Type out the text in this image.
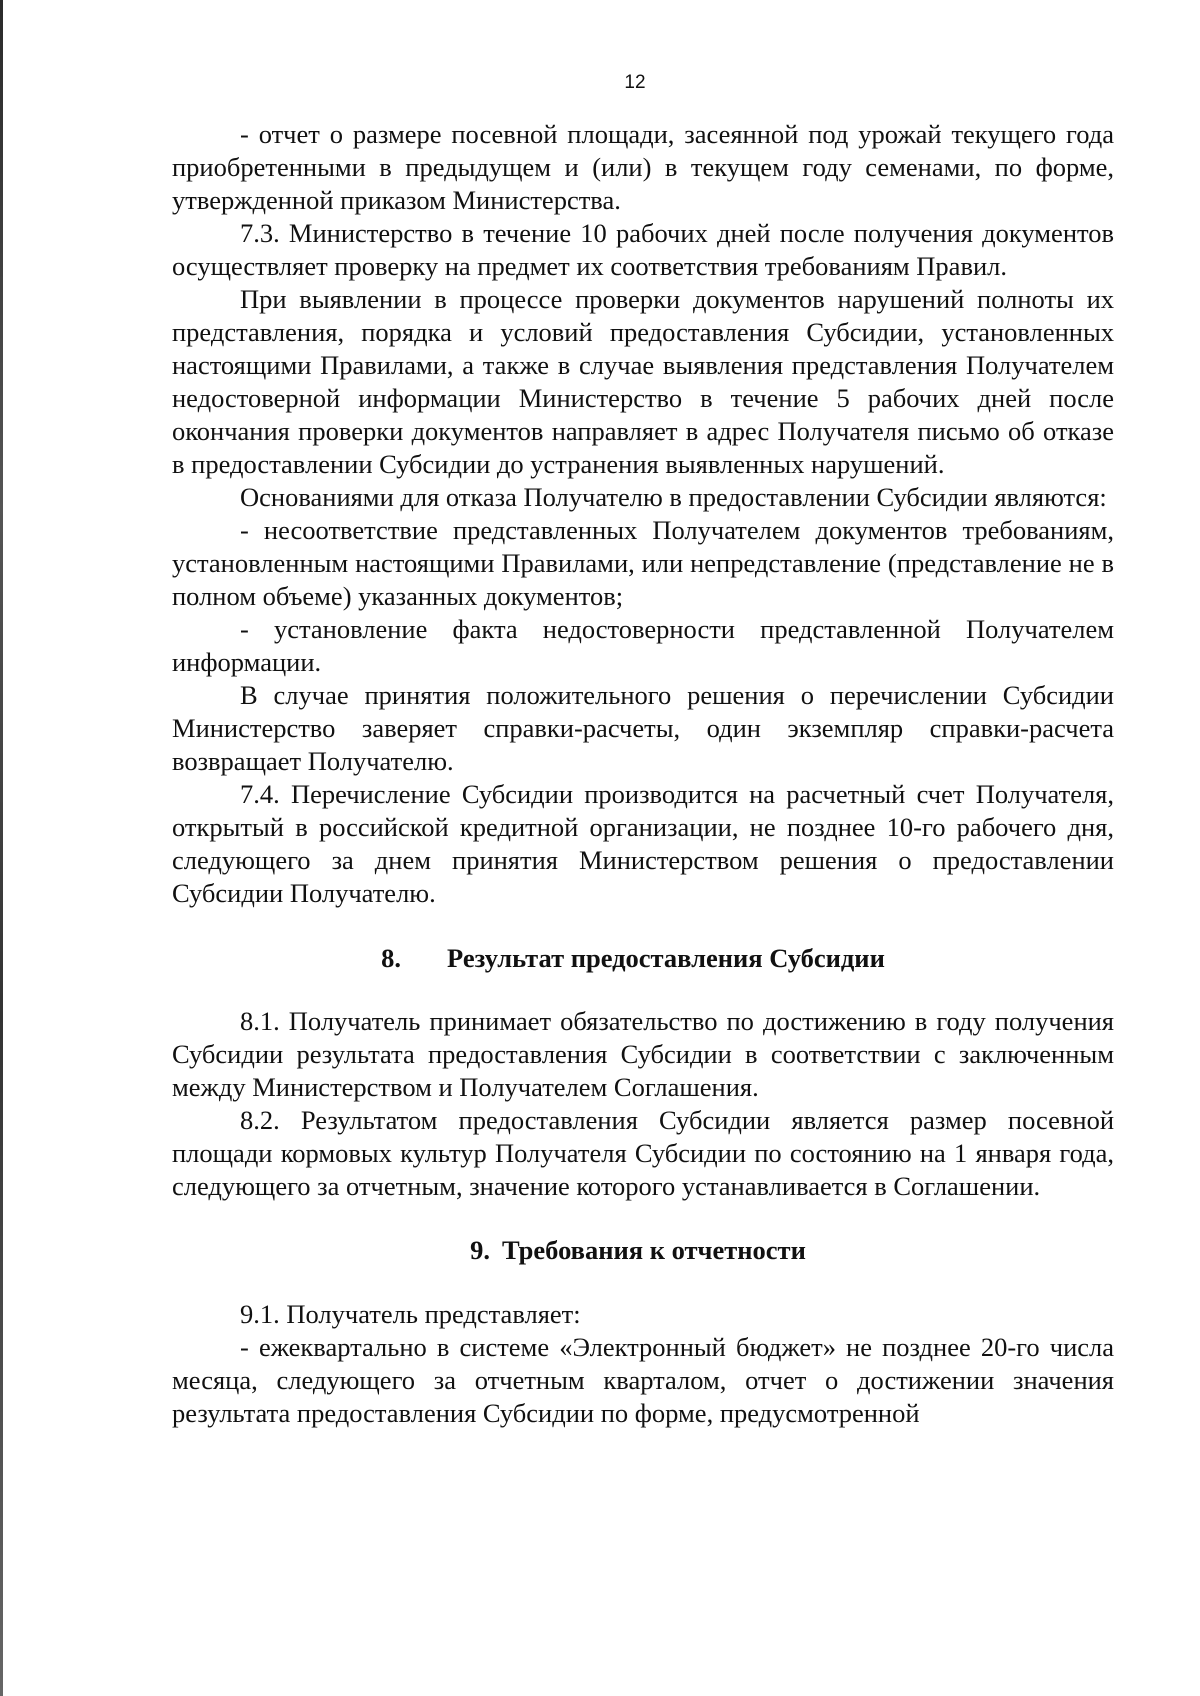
12

- отчет о размере посевной площади, засеянной под урожай текущего года приобретенными в предыдущем и (или) в текущем году семенами, по форме, утвержденной приказом Министерства.

7.3. Министерство в течение 10 рабочих дней после получения документов осуществляет проверку на предмет их соответствия требованиям Правил.

При выявлении в процессе проверки документов нарушений полноты их представления, порядка и условий предоставления Субсидии, установленных настоящими Правилами, а также в случае выявления представления Получателем недостоверной информации Министерство в течение 5 рабочих дней после окончания проверки документов направляет в адрес Получателя письмо об отказе в предоставлении Субсидии до устранения выявленных нарушений.

Основаниями для отказа Получателю в предоставлении Субсидии являются:

- несоответствие представленных Получателем документов требованиям, установленным настоящими Правилами, или непредставление (представление не в полном объеме) указанных документов;

- установление факта недостоверности представленной Получателем информации.

В случае принятия положительного решения о перечислении Субсидии Министерство заверяет справки-расчеты, один экземпляр справки-расчета возвращает Получателю.

7.4. Перечисление Субсидии производится на расчетный счет Получателя, открытый в российской кредитной организации, не позднее 10-го рабочего дня, следующего за днем принятия Министерством решения о предоставлении Субсидии Получателю.

8. Результат предоставления Субсидии

8.1. Получатель принимает обязательство по достижению в году получения Субсидии результата предоставления Субсидии в соответствии с заключенным между Министерством и Получателем Соглашения.

8.2. Результатом предоставления Субсидии является размер посевной площади кормовых культур Получателя Субсидии по состоянию на 1 января года, следующего за отчетным, значение которого устанавливается в Соглашении.

9. Требования к отчетности

9.1. Получатель представляет:

- ежеквартально в системе «Электронный бюджет» не позднее 20-го числа месяца, следующего за отчетным кварталом, отчет о достижении значения результата предоставления Субсидии по форме, предусмотренной
